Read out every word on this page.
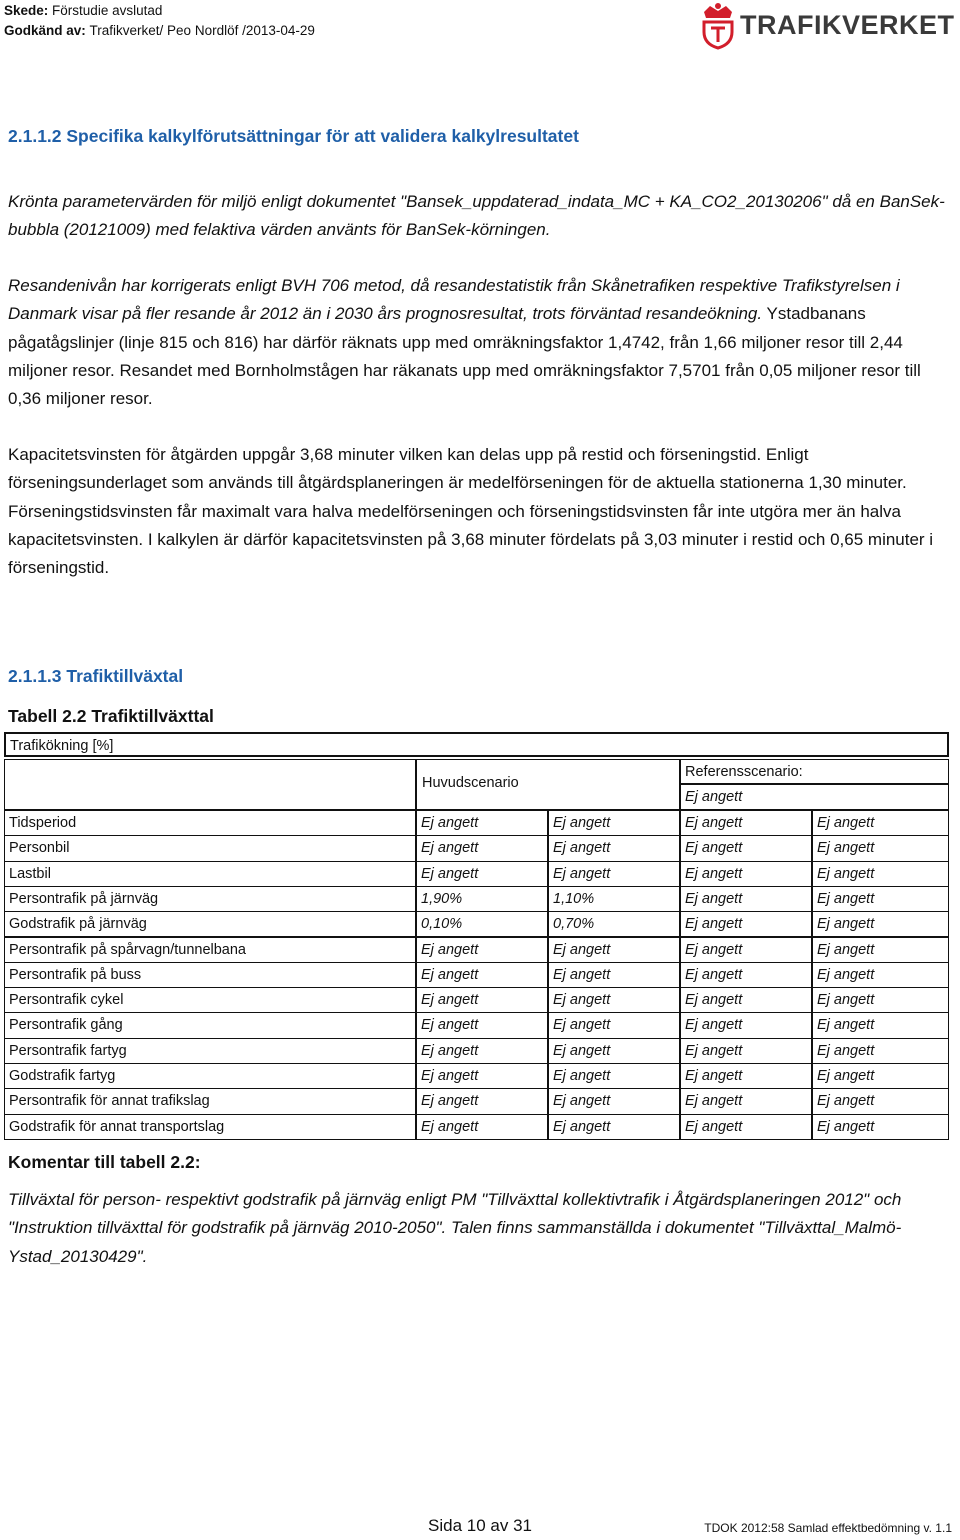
Skede: Förstudie avslutad
Godkänd av: Trafikverket/ Peo Nordlöf /2013-04-29	TRAFIKVERKET
2.1.1.2 Specifika kalkylförutsättningar för att validera kalkylresultatet
Krönta parametervärden för miljö enligt dokumentet "Bansek_uppdaterad_indata_MC + KA_CO2_20130206" då en BanSek-bubbla (20121009) med felaktiva värden använts för BanSek-körningen.
Resandenivån har korrigerats enligt BVH 706 metod, då resandestatistik från Skånetrafiken respektive Trafikstyrelsen i Danmark visar på fler resande år 2012 än i 2030 års prognosresultat, trots förväntad resandeökning. Ystadbanans pågatågslinjer (linje 815 och 816) har därför räknats upp med omräkningsfaktor 1,4742, från 1,66 miljoner resor till 2,44 miljoner resor. Resandet med Bornholmstågen har räkanats upp med omräkningsfaktor 7,5701 från 0,05 miljoner resor till 0,36 miljoner resor.
Kapacitetsvinsten för åtgärden uppgår 3,68 minuter vilken kan delas upp på restid och förseningstid. Enligt förseningsunderlaget som används till åtgärdsplaneringen är medelförseningen för de aktuella stationerna 1,30 minuter. Förseningstidsvinsten får maximalt vara halva medelförseningen och förseningstidsvinsten får inte utgöra mer än halva kapacitetsvinsten. I kalkylen är därför kapacitetsvinsten på 3,68 minuter fördelats på 3,03 minuter i restid och 0,65 minuter i förseningstid.
2.1.1.3 Trafiktillväxtal
Tabell 2.2 Trafiktillväxttal
Trafikökning [%]
Huvudscenario
Referensscenario:
Ej angett
Tidsperiod	Ej angett	Ej angett	Ej angett	Ej angett
Personbil	Ej angett	Ej angett	Ej angett	Ej angett
Lastbil	Ej angett	Ej angett	Ej angett	Ej angett
Persontrafik på järnväg	1,90%	1,10%	Ej angett	Ej angett
Godstrafik på järnväg	0,10%	0,70%	Ej angett	Ej angett
Persontrafik på spårvagn/tunnelbana	Ej angett	Ej angett	Ej angett	Ej angett
Persontrafik på buss	Ej angett	Ej angett	Ej angett	Ej angett
Persontrafik cykel	Ej angett	Ej angett	Ej angett	Ej angett
Persontrafik gång	Ej angett	Ej angett	Ej angett	Ej angett
Persontrafik fartyg	Ej angett	Ej angett	Ej angett	Ej angett
Godstrafik fartyg	Ej angett	Ej angett	Ej angett	Ej angett
Persontrafik för annat trafikslag	Ej angett	Ej angett	Ej angett	Ej angett
Godstrafik för annat transportslag	Ej angett	Ej angett	Ej angett	Ej angett
Komentar till tabell 2.2:
Tillväxtal för person- respektivt godstrafik på järnväg enligt PM "Tillväxttal kollektivtrafik i Åtgärdsplaneringen 2012" och "Instruktion tillväxttal för godstrafik på järnväg 2010-2050". Talen finns sammanställda i dokumentet "Tillväxttal_Malmö-Ystad_20130429".
Sida 10 av 31	TDOK 2012:58 Samlad effektbedömning v. 1.1
